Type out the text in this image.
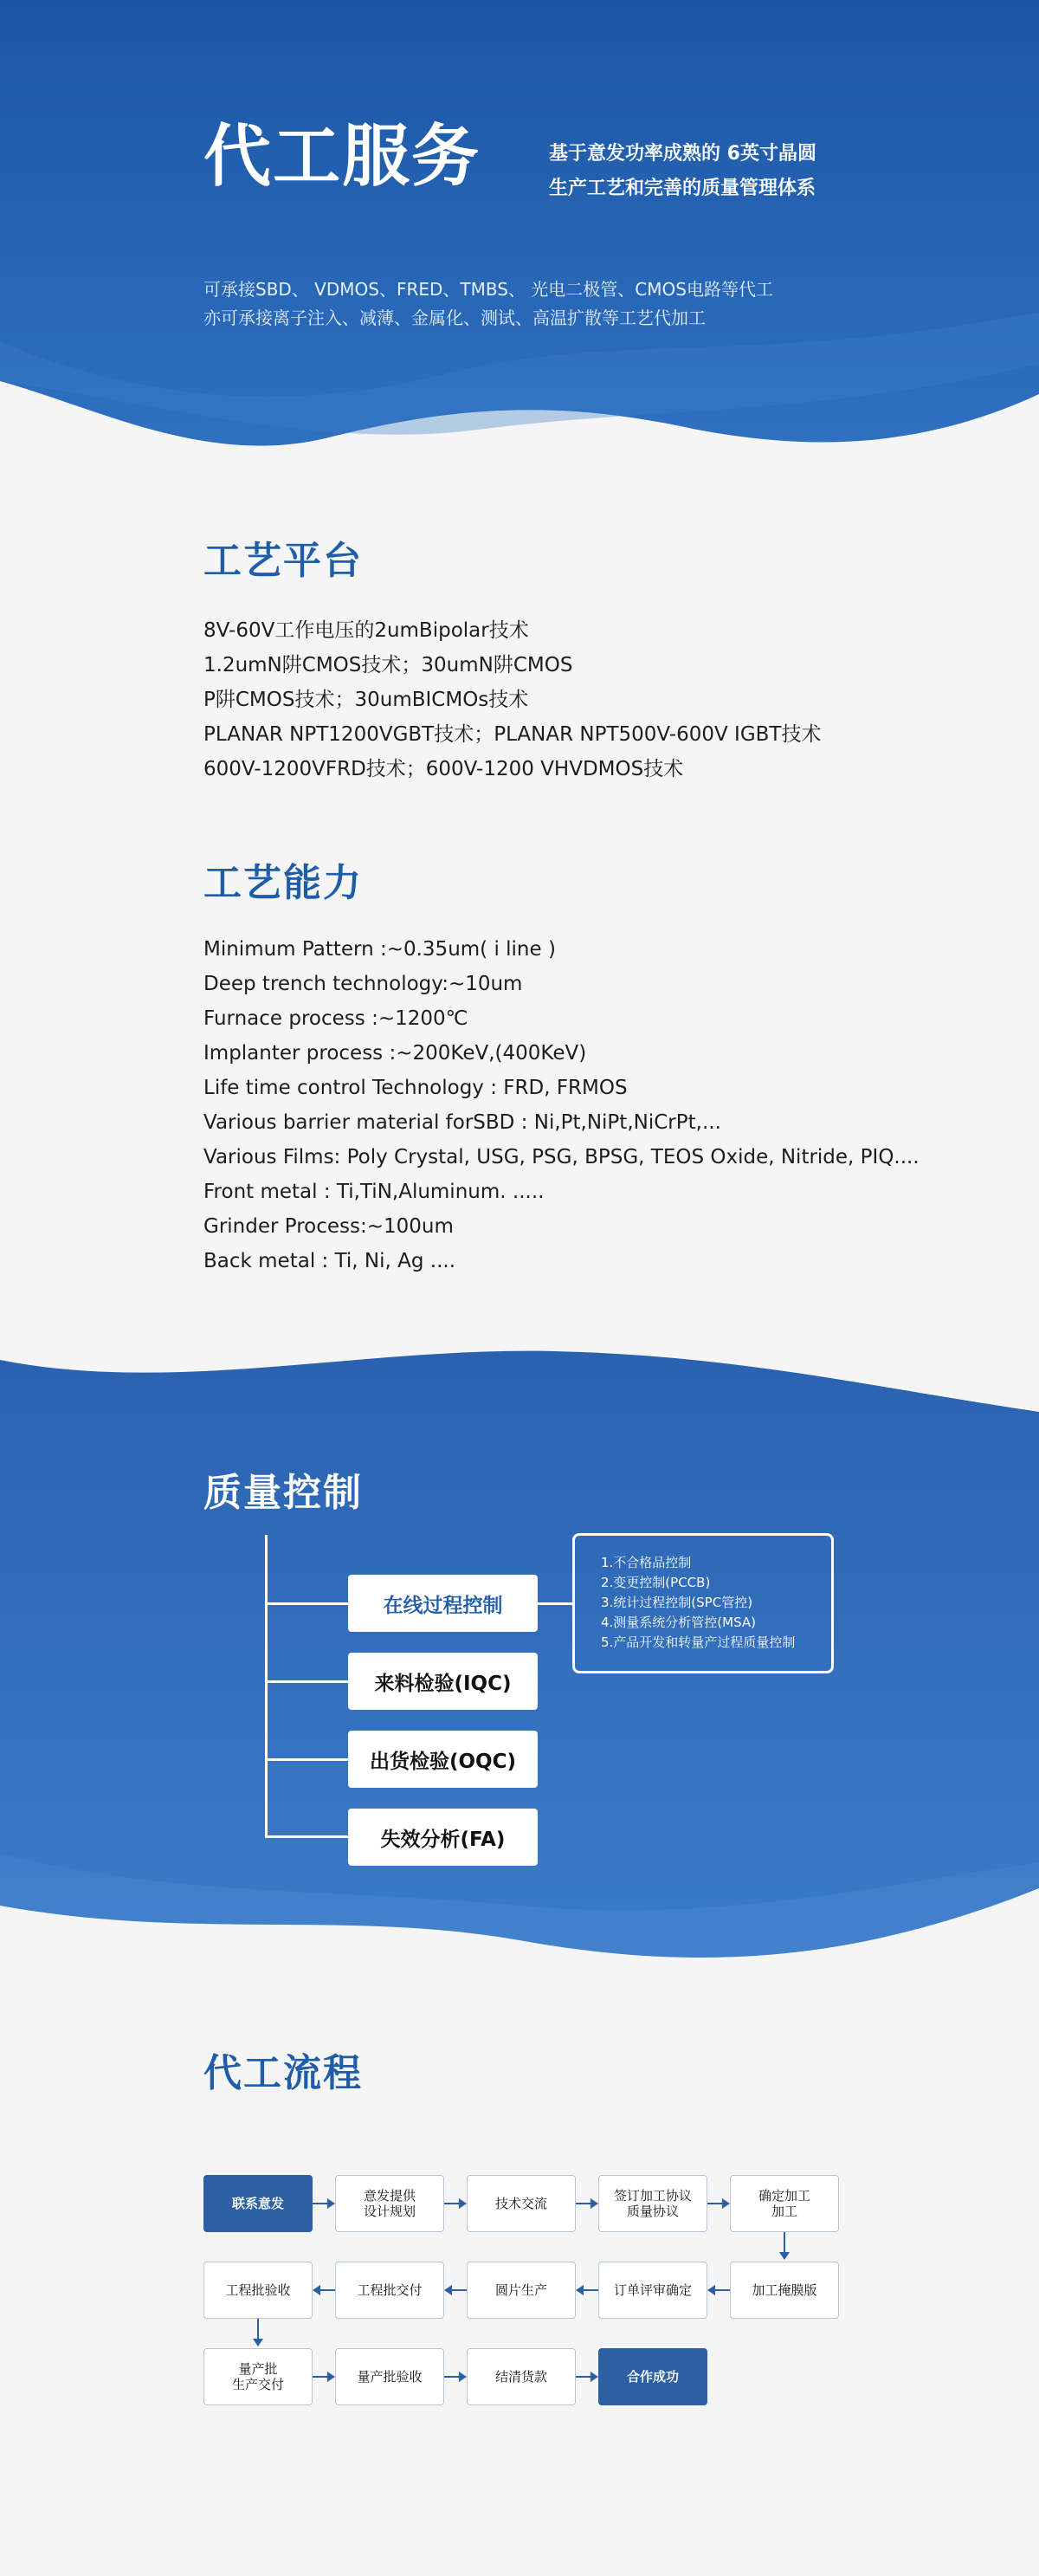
代工服务	基于意发功率成熟的 6英寸晶圆
生产工艺和完善的质量管理体系
可承接SBD、 VDMOS、FRED、TMBS、 光电二极管、CMOS电路等代工
亦可承接离子注入、减薄、金属化、测试、高温扩散等工艺代加工
工艺平台
8V-60V工作电压的2umBipolar技术
1.2umN阱CMOS技术；30umN阱CMOS
P阱CMOS技术；30umBICMOs技术
PLANAR NPT1200VGBT技术；PLANAR NPT500V-600V IGBT技术
600V-1200VFRD技术；600V-1200 VHVDMOS技术
工艺能力
Minimum Pattern :~0.35um( i line )
Deep trench technology:~10um
Furnace process :~1200℃
Implanter process :~200KeV,(400KeV)
Life time control Technology : FRD, FRMOS
Various barrier material forSBD : Ni,Pt,NiPt,NiCrPt,...
Various Films: Poly Crystal, USG, PSG, BPSG, TEOS Oxide, Nitride, PIQ....
Front metal : Ti,TiN,Aluminum. .....
Grinder Process:~100um
Back metal : Ti, Ni, Ag ....
质量控制
在线过程控制
来料检验(IQC)
出货检验(OQC)
失效分析(FA)
1.不合格品控制
2.变更控制(PCCB)
3.统计过程控制(SPC管控)
4.测量系统分析管控(MSA)
5.产品开发和转量产过程质量控制
代工流程
联系意发	意发提供
设计规划	技术交流	签订加工协议
质量协议
确定加工
加工
工程批验收	工程批交付	圆片生产	订单评审确定	加工掩膜版
量产批
生产交付	量产批验收	结清货款	合作成功
